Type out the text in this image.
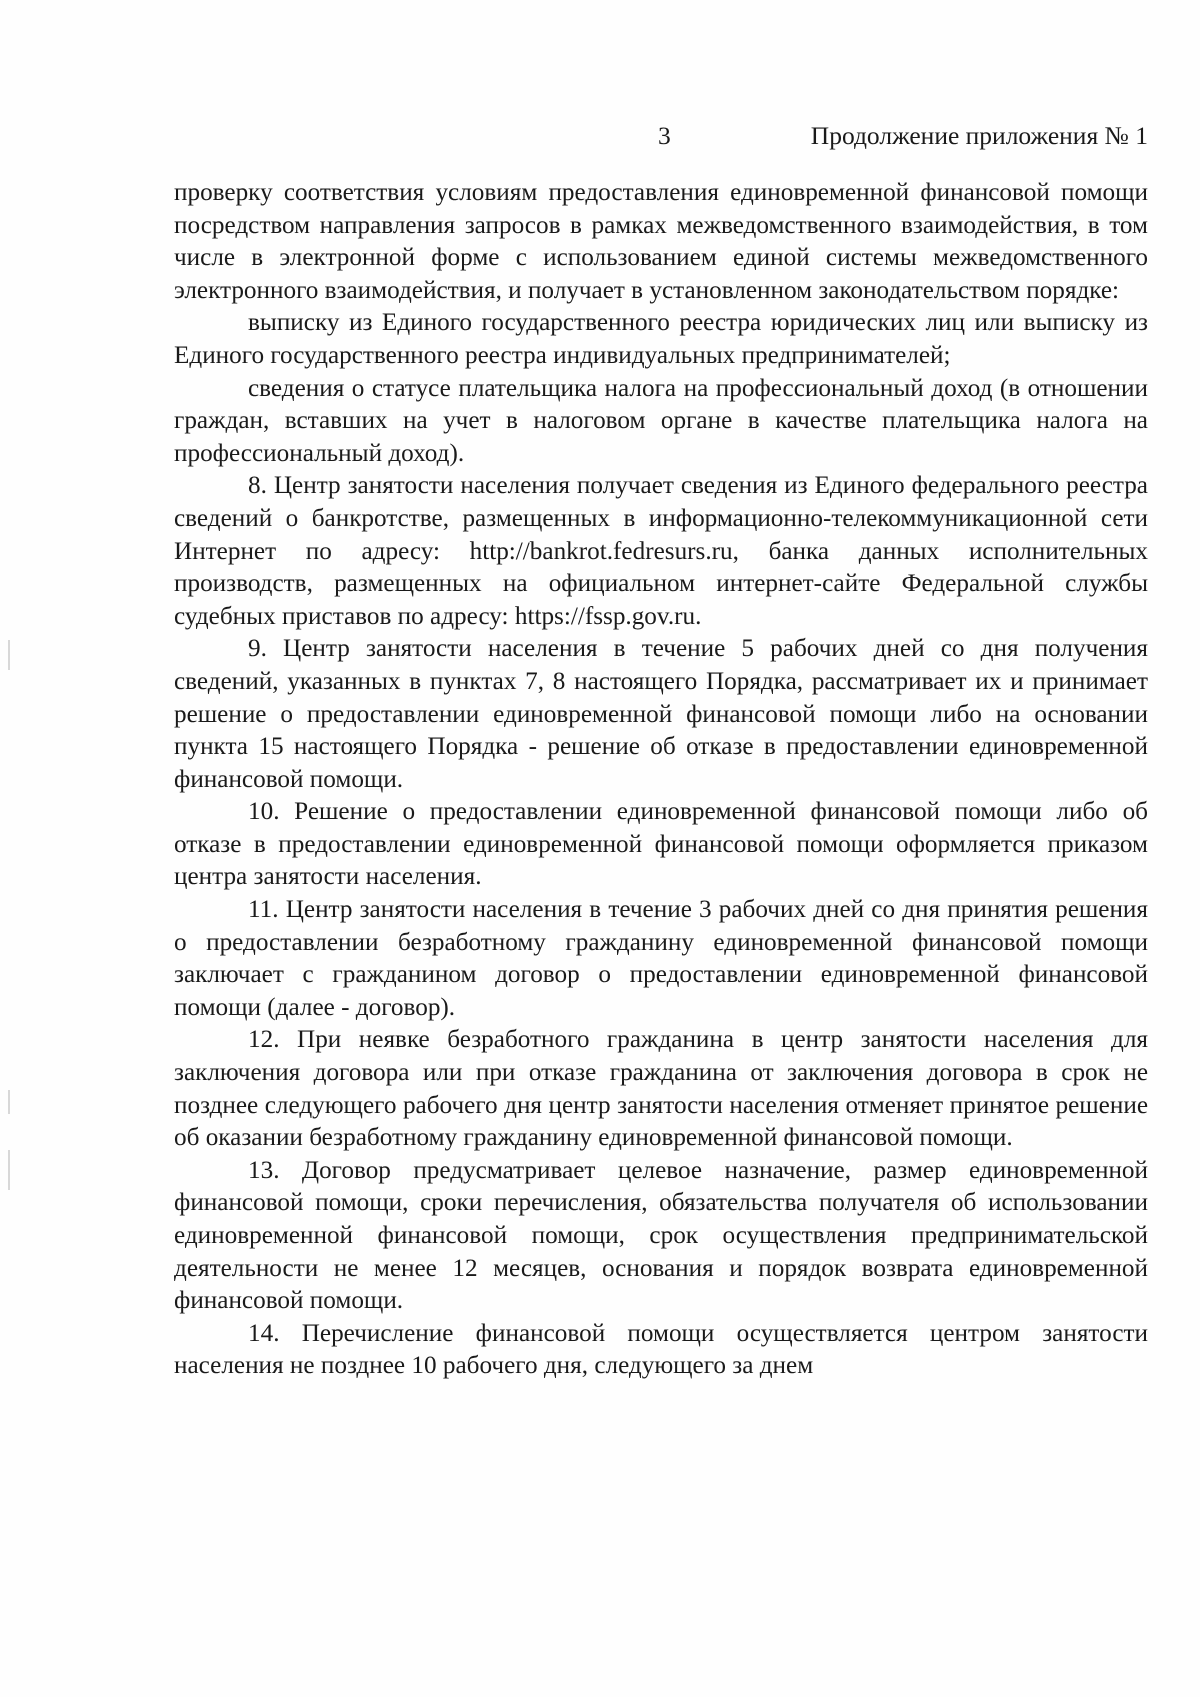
3	Продолжение приложения № 1

проверку соответствия условиям предоставления единовременной финансовой помощи посредством направления запросов в рамках межведомственного взаимодействия, в том числе в электронной форме с использованием единой системы межведомственного электронного взаимодействия, и получает в установленном законодательством порядке:

выписку из Единого государственного реестра юридических лиц или выписку из Единого государственного реестра индивидуальных предпринимателей;

сведения о статусе плательщика налога на профессиональный доход (в отношении граждан, вставших на учет в налоговом органе в качестве плательщика налога на профессиональный доход).

8. Центр занятости населения получает сведения из Единого федерального реестра сведений о банкротстве, размещенных в информационно-телекоммуникационной сети Интернет по адресу: http://bankrot.fedresurs.ru, банка данных исполнительных производств, размещенных на официальном интернет-сайте Федеральной службы судебных приставов по адресу: https://fssp.gov.ru.

9. Центр занятости населения в течение 5 рабочих дней со дня получения сведений, указанных в пунктах 7, 8 настоящего Порядка, рассматривает их и принимает решение о предоставлении единовременной финансовой помощи либо на основании пункта 15 настоящего Порядка - решение об отказе в предоставлении единовременной финансовой помощи.

10. Решение о предоставлении единовременной финансовой помощи либо об отказе в предоставлении единовременной финансовой помощи оформляется приказом центра занятости населения.

11. Центр занятости населения в течение 3 рабочих дней со дня принятия решения о предоставлении безработному гражданину единовременной финансовой помощи заключает с гражданином договор о предоставлении единовременной финансовой помощи (далее - договор).

12. При неявке безработного гражданина в центр занятости населения для заключения договора или при отказе гражданина от заключения договора в срок не позднее следующего рабочего дня центр занятости населения отменяет принятое решение об оказании безработному гражданину единовременной финансовой помощи.

13. Договор предусматривает целевое назначение, размер единовременной финансовой помощи, сроки перечисления, обязательства получателя об использовании единовременной финансовой помощи, срок осуществления предпринимательской деятельности не менее 12 месяцев, основания и порядок возврата единовременной финансовой помощи.

14. Перечисление финансовой помощи осуществляется центром занятости населения не позднее 10 рабочего дня, следующего за днем
